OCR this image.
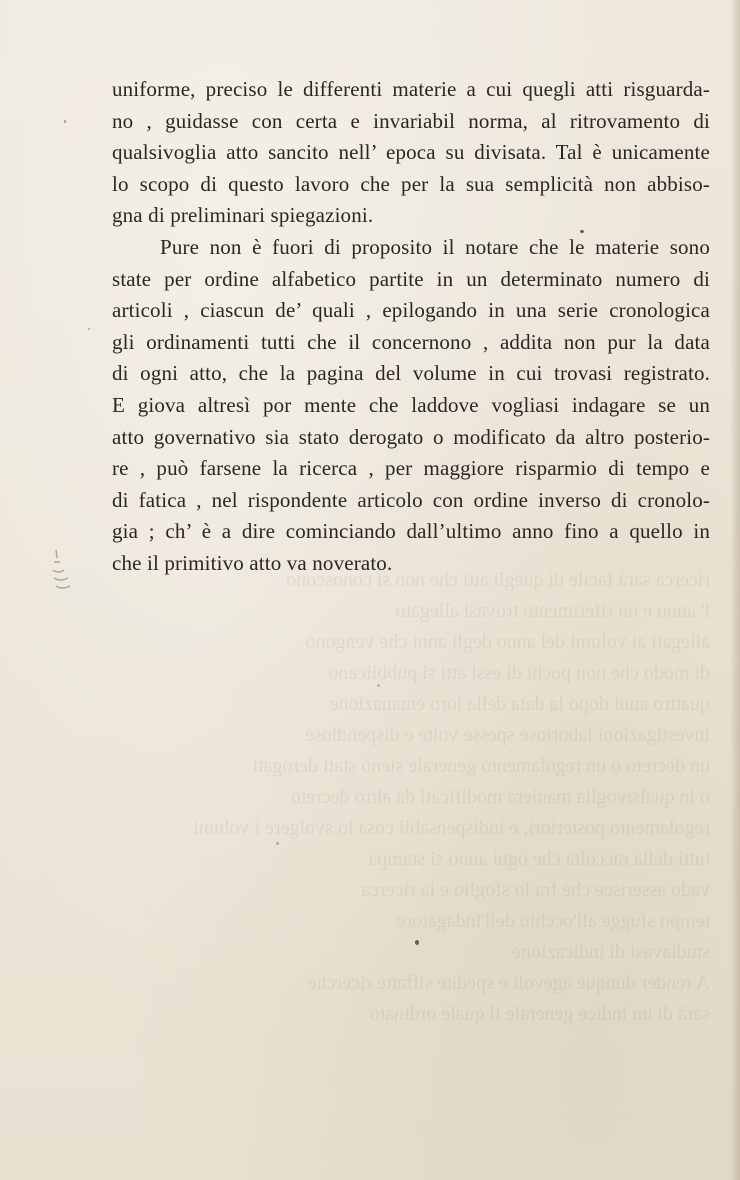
ricerca sarà facile di quegli atti che non si conoscono
l' anno e un riferimento trovasi allegato
allegati ai volumi del anno degli anni che vengono
di modo che non pochi di essi atti si pubblicano
quattro anni dopo la data della loro emanazione
investigazioni laboriose spesse volte e dispendiose
un decreto o un regolamento generale sieno stati derogati
o in qualsivoglia maniera modificati da altro decreto
regolamento posteriori, e indispensabil cosa lo svolgere i volumi
tutti della raccolta che ogni anno si stampa
vado asserisce che fra lo sfoglio e la ricerca
tempo sfugge all'occhio dell'indagatore
studiavasi di indicazione
A render dunque agevoli e spedite siffatte ricerche
sarà di un indice generale il quale ordinato
uniforme, preciso le differenti materie a cui quegli atti risguarda-
no , guidasse con certa e invariabil norma, al ritrovamento di
qualsivoglia atto sancito nell’ epoca su divisata. Tal è unicamente
lo scopo di questo lavoro che per la sua semplicità non abbiso-
gna di preliminari spiegazioni.
Pure non è fuori di proposito il notare che le materie sono
state per ordine alfabetico partite in un determinato numero di
articoli , ciascun de’ quali , epilogando in una serie cronologica
gli ordinamenti tutti che il concernono , addita non pur la data
di ogni atto, che la pagina del volume in cui trovasi registrato.
E giova altresì por mente che laddove vogliasi indagare se un
atto governativo sia stato derogato o modificato da altro posterio-
re , può farsene la ricerca , per maggiore risparmio di tempo e
di fatica , nel rispondente articolo con ordine inverso di cronolo-
gia ; ch’ è a dire cominciando dall’ultimo anno fino a quello in
che il primitivo atto va noverato.
